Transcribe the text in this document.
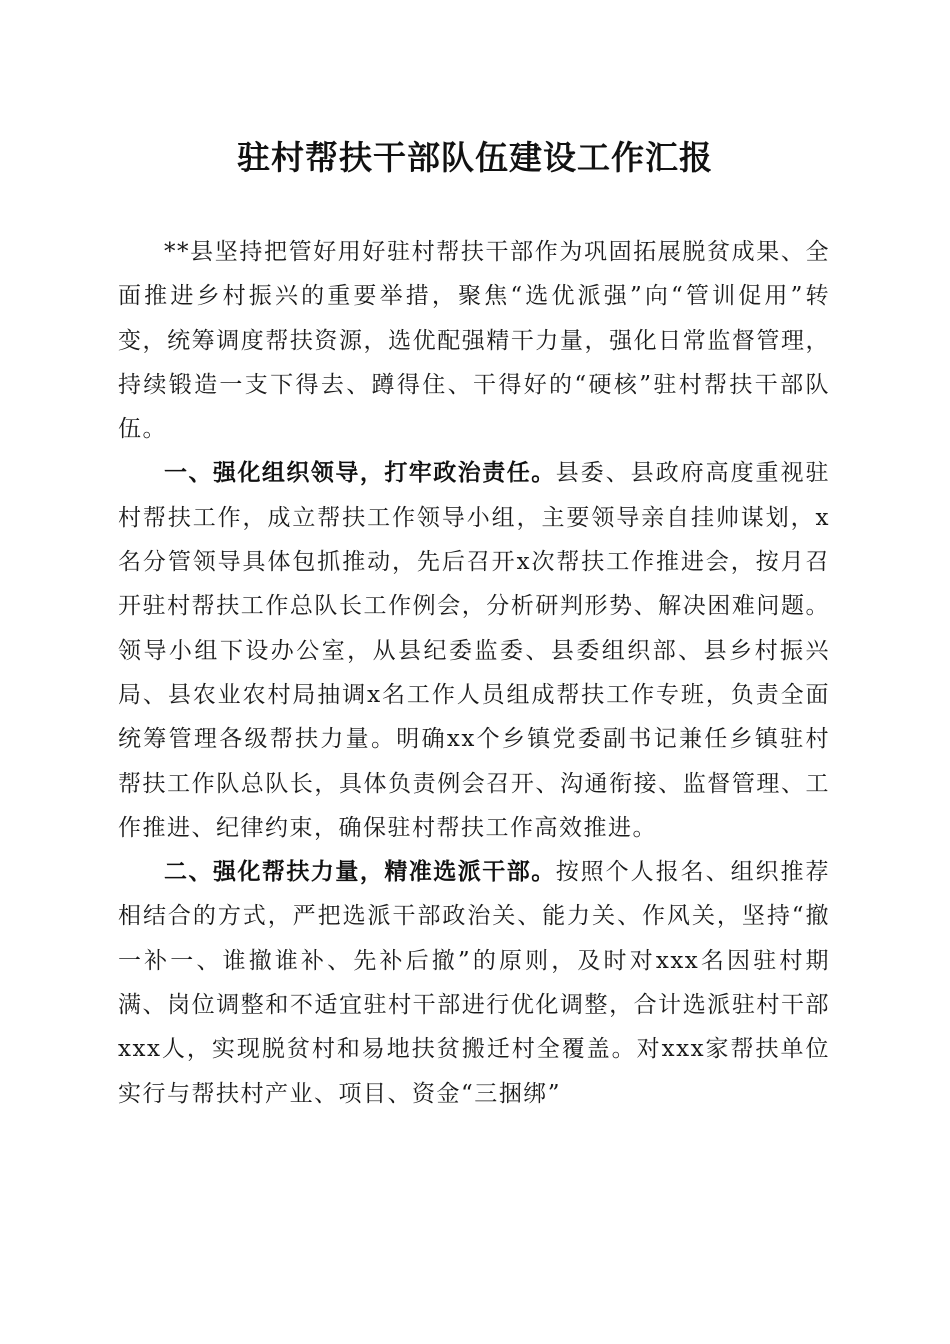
驻村帮扶干部队伍建设工作汇报

**县坚持把管好用好驻村帮扶干部作为巩固拓展脱贫成果、全面推进乡村振兴的重要举措，聚焦“选优派强”向“管训促用”转变，统筹调度帮扶资源，选优配强精干力量，强化日常监督管理，持续锻造一支下得去、蹲得住、干得好的“硬核”驻村帮扶干部队伍。

一、强化组织领导，打牢政治责任。县委、县政府高度重视驻村帮扶工作，成立帮扶工作领导小组，主要领导亲自挂帅谋划，x名分管领导具体包抓推动，先后召开x次帮扶工作推进会，按月召开驻村帮扶工作总队长工作例会，分析研判形势、解决困难问题。领导小组下设办公室，从县纪委监委、县委组织部、县乡村振兴局、县农业农村局抽调x名工作人员组成帮扶工作专班，负责全面统筹管理各级帮扶力量。明确xx个乡镇党委副书记兼任乡镇驻村帮扶工作队总队长，具体负责例会召开、沟通衔接、监督管理、工作推进、纪律约束，确保驻村帮扶工作高效推进。

二、强化帮扶力量，精准选派干部。按照个人报名、组织推荐相结合的方式，严把选派干部政治关、能力关、作风关，坚持“撤一补一、谁撤谁补、先补后撤”的原则，及时对xxx名因驻村期满、岗位调整和不适宜驻村干部进行优化调整，合计选派驻村干部xxx人，实现脱贫村和易地扶贫搬迁村全覆盖。对xxx家帮扶单位实行与帮扶村产业、项目、资金“三捆绑”
